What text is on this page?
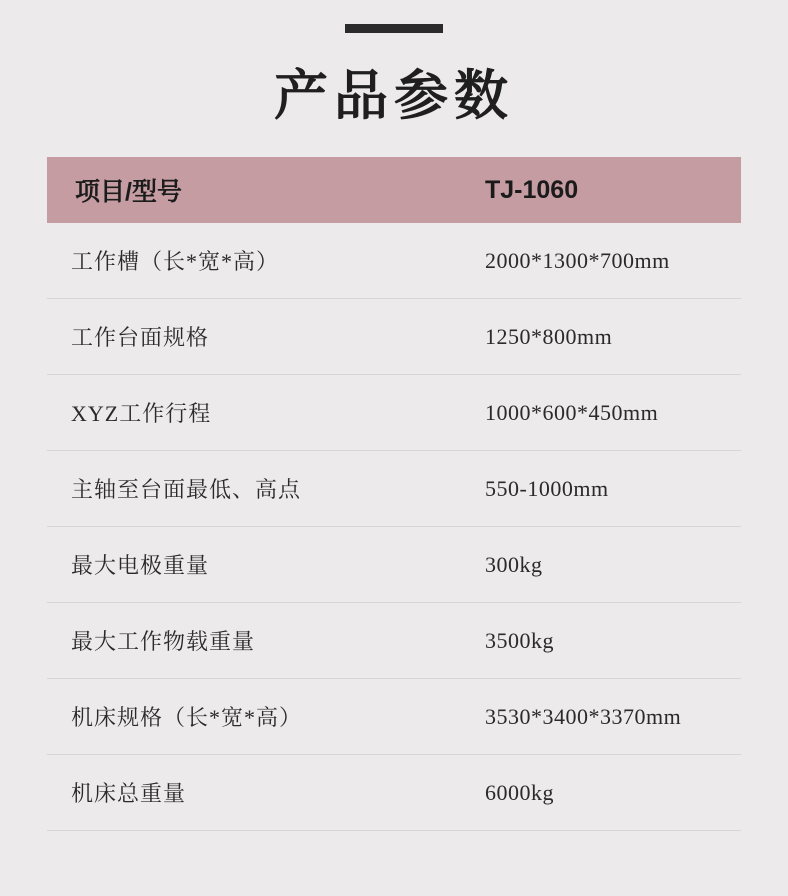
产品参数
项目/型号	TJ-1060
工作槽（长*宽*高）	2000*1300*700mm
工作台面规格	1250*800mm
XYZ工作行程	1000*600*450mm
主轴至台面最低、高点	550-1000mm
最大电极重量	300kg
最大工作物载重量	3500kg
机床规格（长*宽*高）	3530*3400*3370mm
机床总重量	6000kg
